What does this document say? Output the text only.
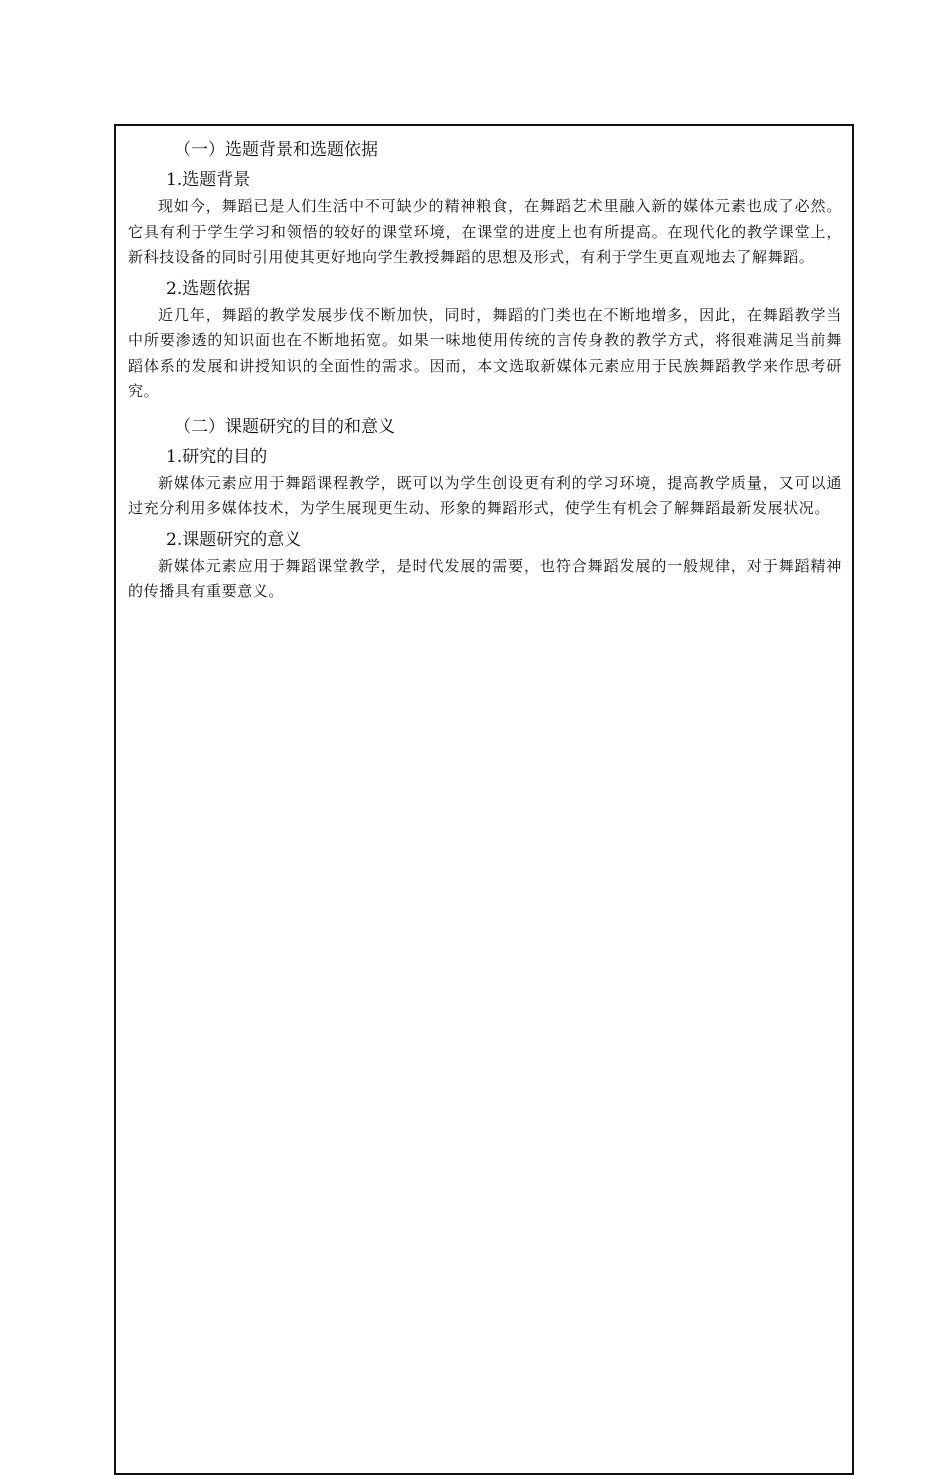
（一）选题背景和选题依据
1.选题背景

现如今，舞蹈已是人们生活中不可缺少的精神粮食，在舞蹈艺术里融入新的媒体元素也成了必然。它具有利于学生学习和领悟的较好的课堂环境，在课堂的进度上也有所提高。在现代化的教学课堂上，新科技设备的同时引用使其更好地向学生教授舞蹈的思想及形式，有利于学生更直观地去了解舞蹈。

2.选题依据

近几年，舞蹈的教学发展步伐不断加快，同时，舞蹈的门类也在不断地增多，因此，在舞蹈教学当中所要渗透的知识面也在不断地拓宽。如果一味地使用传统的言传身教的教学方式，将很难满足当前舞蹈体系的发展和讲授知识的全面性的需求。因而，本文选取新媒体元素应用于民族舞蹈教学来作思考研究。

（二）课题研究的目的和意义
1.研究的目的

新媒体元素应用于舞蹈课程教学，既可以为学生创设更有利的学习环境，提高教学质量，又可以通过充分利用多媒体技术，为学生展现更生动、形象的舞蹈形式，使学生有机会了解舞蹈最新发展状况。

2.课题研究的意义

新媒体元素应用于舞蹈课堂教学，是时代发展的需要，也符合舞蹈发展的一般规律，对于舞蹈精神的传播具有重要意义。
